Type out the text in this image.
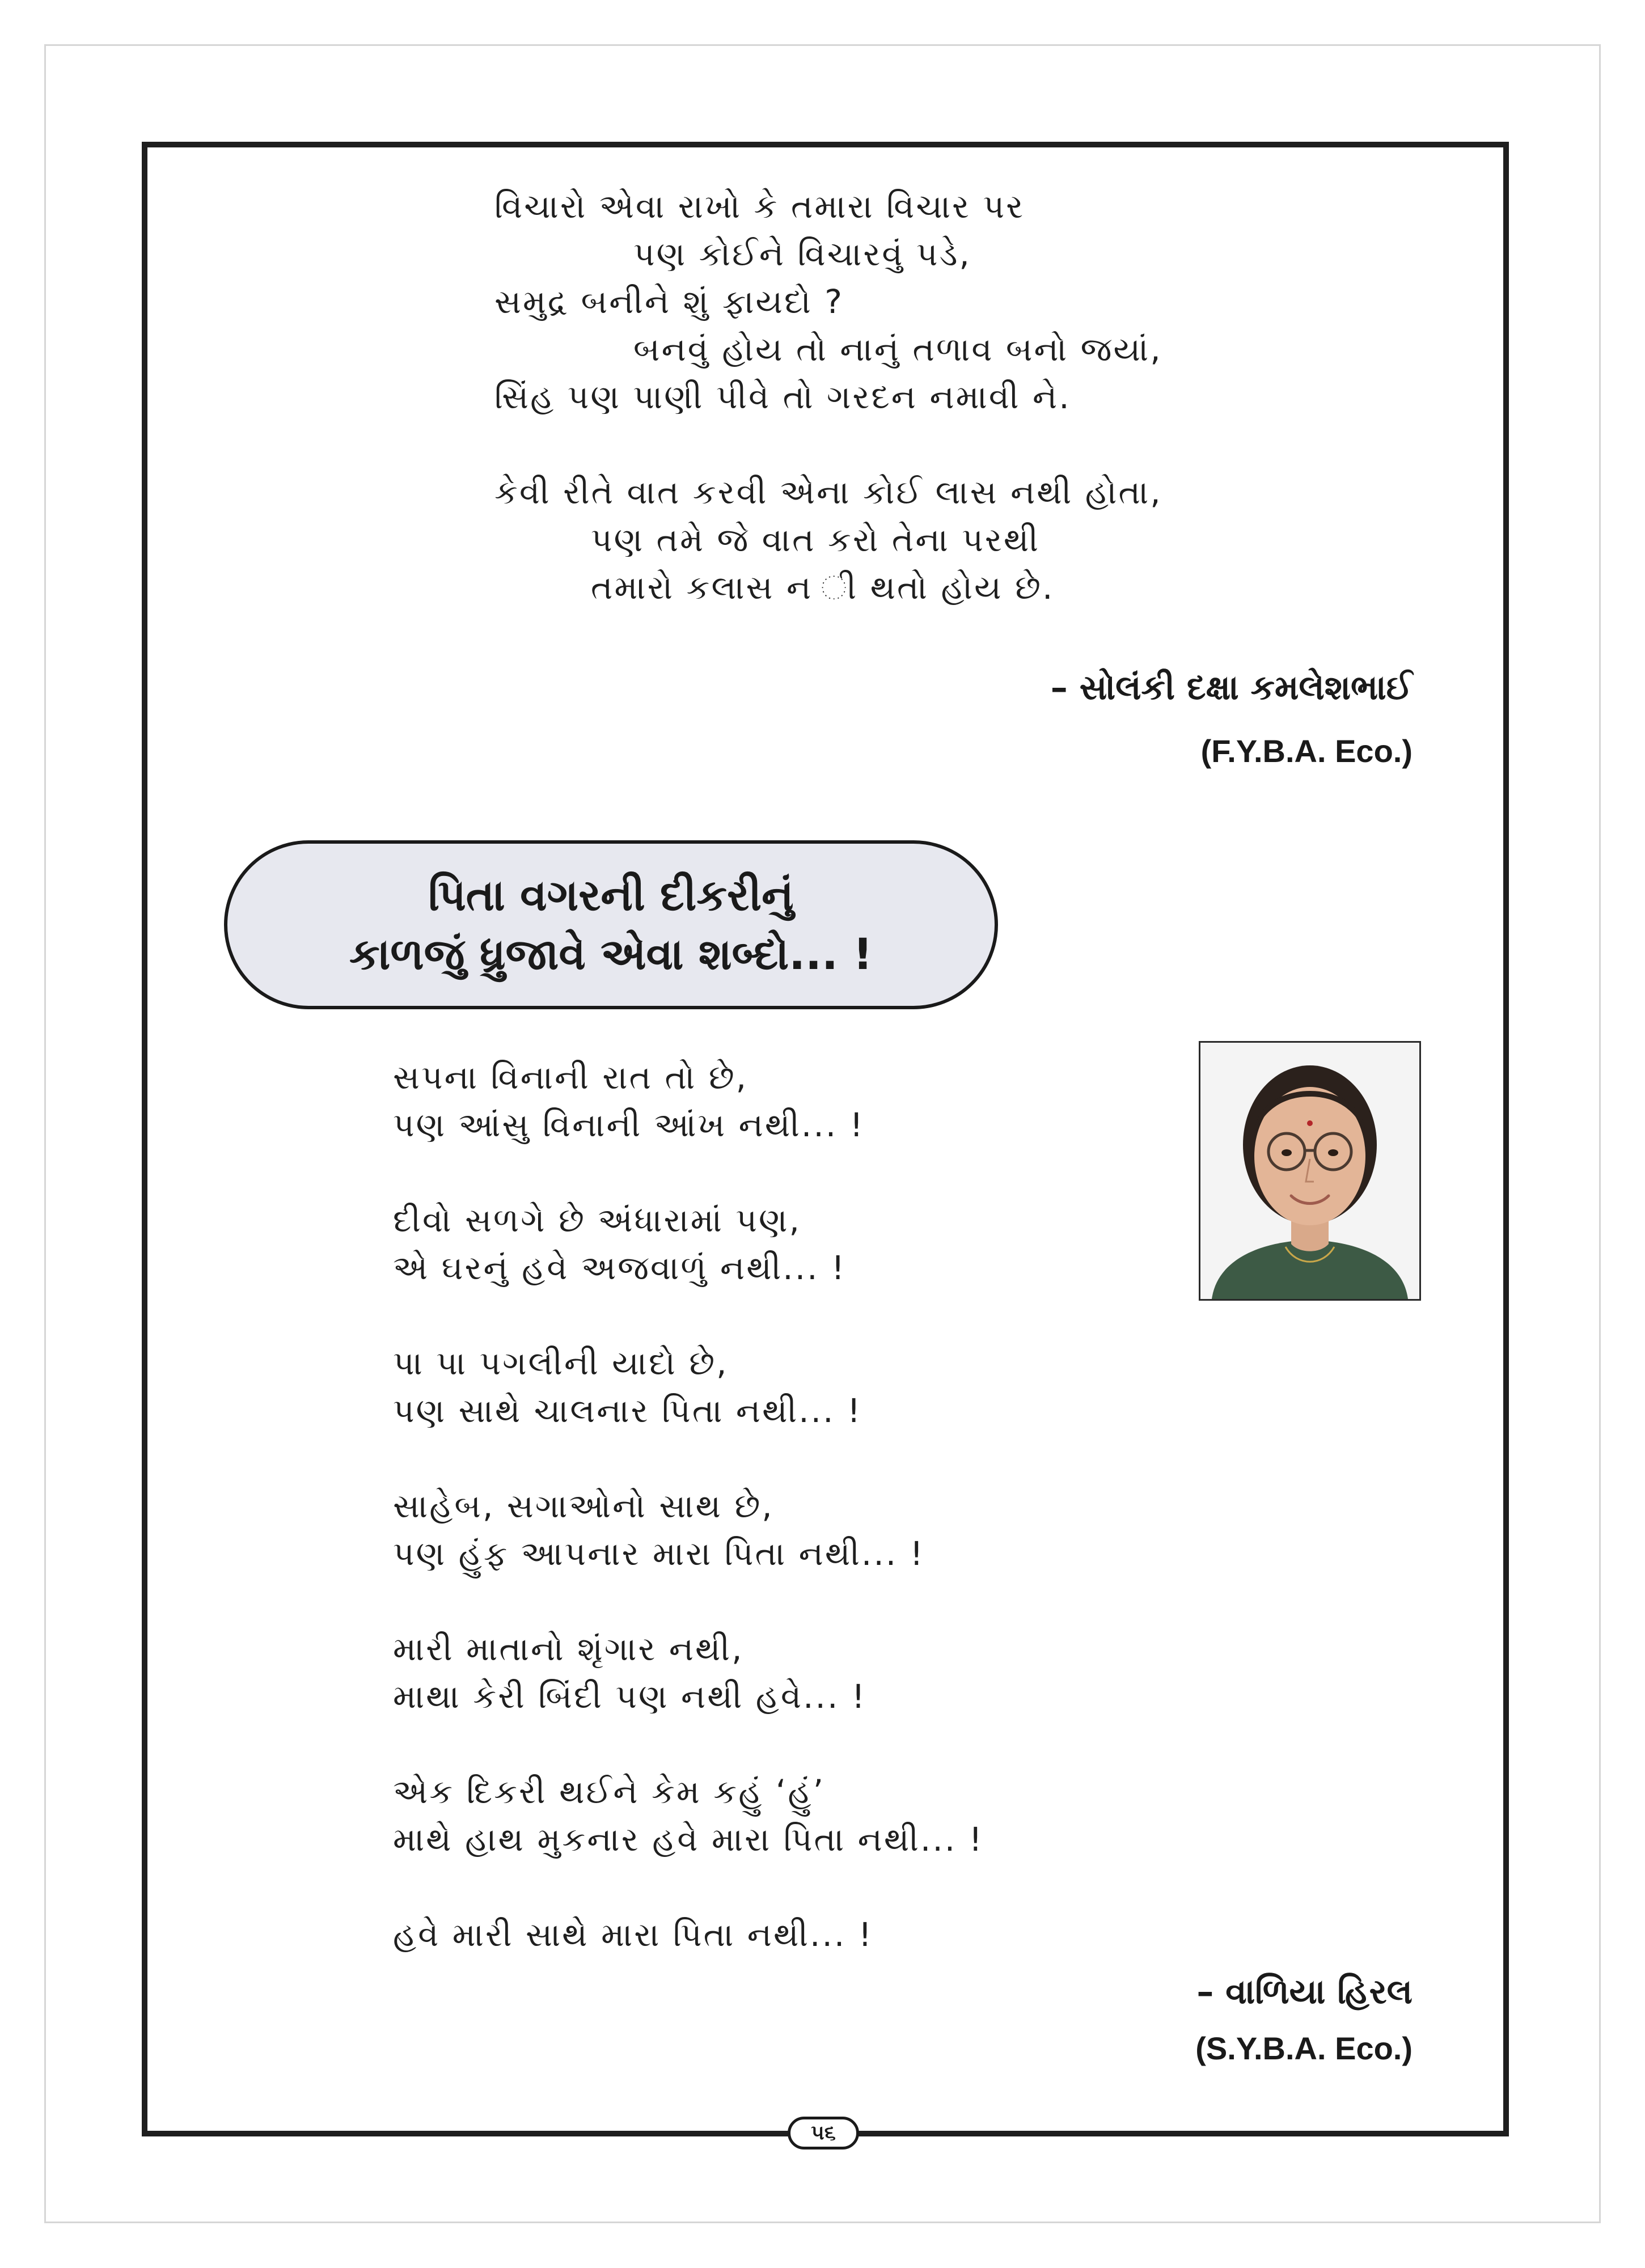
વિચારો એવા રાખો કે તમારા વિચાર પર
પણ કોઈને વિચારવું પડે,
સમુદ્ર બનીને શું ફાયદો ?
બનવું હોય તો નાનું તળાવ બનો જયાં,
સિંહ પણ પાણી પીવે તો ગરદન નમાવી ને.
કેવી રીતે વાત કરવી એના કોઈ લાસ નથી હોતા,
પણ તમે જે વાત કરો તેના પરથી
તમારો કલાસ ન ી થતો હોય છે.
– સોલંકી દક્ષા કમલેશભાઈ
(F.Y.B.A. Eco.)
પિતા વગરની દીકરીનું
કાળજું ધ્રુજાવે એવા શબ્દો... !
સપના વિનાની રાત તો છે,
પણ આંસુ વિનાની આંખ નથી... !
દીવો સળગે છે અંધારામાં પણ,
એ ઘરનું હવે અજવાળું નથી... !
પા પા પગલીની યાદો છે,
પણ સાથે ચાલનાર પિતા નથી... !
સાહેબ, સગાઓનો સાથ છે,
પણ હુંફ આપનાર મારા પિતા નથી... !
મારી માતાનો શૃંગાર નથી,
માથા કેરી બિંદી પણ નથી હવે... !
એક દિકરી થઈને કેમ કહું ‘હું’
માથે હાથ મુકનાર હવે મારા પિતા નથી... !
હવે મારી સાથે મારા પિતા નથી... !
– વાળિયા હિરલ
(S.Y.B.A. Eco.)
૫૬
